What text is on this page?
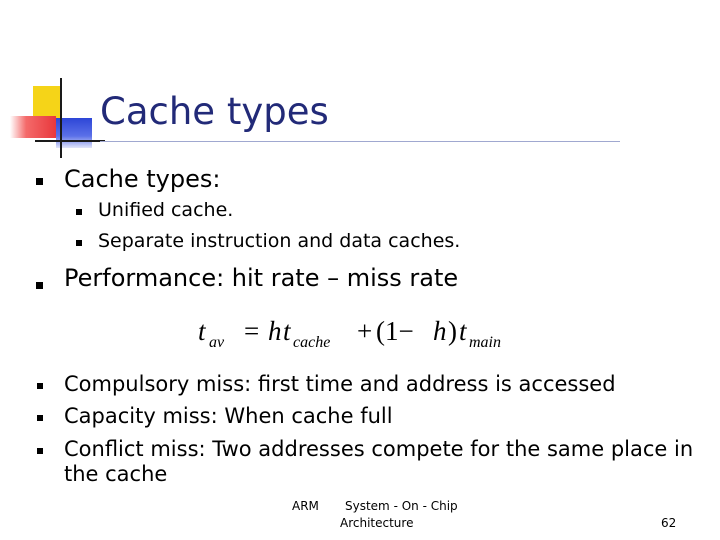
Cache types
Cache types:
Unified cache.
Separate instruction and data caches.
Performance: hit rate – miss rate
t av = h t cache + (1− h ) t main
Compulsory miss: first time and address is accessed
Capacity miss: When cache full
Conflict miss: Two addresses compete for the same place in
the cache
ARM System - On - Chip
Architecture	62
